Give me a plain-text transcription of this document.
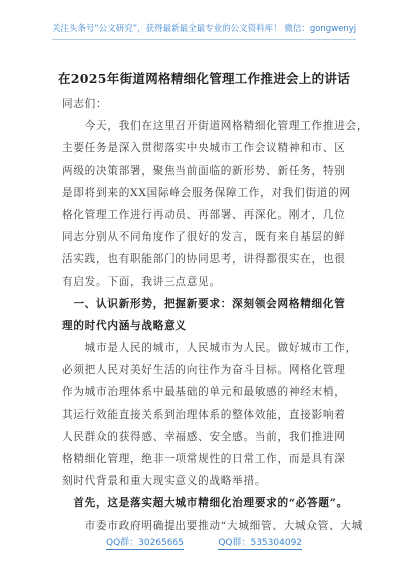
关注头条号“公文研究”，获得最新最全最专业的公文资料库！ 微信：gongwenyj
在2025年街道网格精细化管理工作推进会上的讲话
同志们：
　　今天，我们在这里召开街道网格精细化管理工作推进会，
主要任务是深入贯彻落实中央城市工作会议精神和市、区
两级的决策部署，聚焦当前面临的新形势、新任务，特别
是即将到来的XX国际峰会服务保障工作，对我们街道的网
格化管理工作进行再动员、再部署、再深化。刚才，几位
同志分别从不同角度作了很好的发言，既有来自基层的鲜
活实践，也有职能部门的协同思考，讲得都很实在，也很
有启发。下面，我讲三点意见。
　一、认识新形势，把握新要求：深刻领会网格精细化管
理的时代内涵与战略意义
　　城市是人民的城市，人民城市为人民。做好城市工作，
必须把人民对美好生活的向往作为奋斗目标。网格化管理
作为城市治理体系中最基础的单元和最敏感的神经末梢，
其运行效能直接关系到治理体系的整体效能，直接影响着
人民群众的获得感、幸福感、安全感。当前，我们推进网
格精细化管理，绝非一项常规性的日常工作，而是具有深
刻时代背景和重大现实意义的战略举措。
　首先，这是落实超大城市精细化治理要求的“必答题”。
　　市委市政府明确提出要推动“大城细管、大城众管、大城
QQ群：30265665	QQ群：535304092
